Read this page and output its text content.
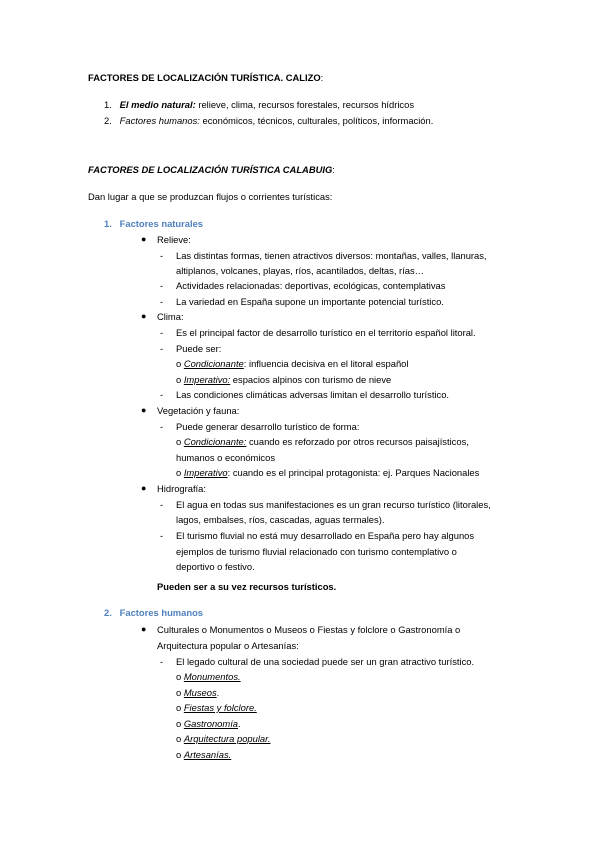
FACTORES DE LOCALIZACIÓN TURÍSTICA. CALIZO:
1. El medio natural: relieve, clima, recursos forestales, recursos hídricos
2. Factores humanos: económicos, técnicos, culturales, políticos, información.
FACTORES DE LOCALIZACIÓN TURÍSTICA CALABUIG:
Dan lugar a que se produzcan flujos o corrientes turísticas:
1. Factores naturales
● Relieve:
- Las distintas formas, tienen atractivos diversos: montañas, valles, llanuras,
altiplanos, volcanes, playas, ríos, acantilados, deltas, rías…
- Actividades relacionadas: deportivas, ecológicas, contemplativas
- La variedad en España supone un importante potencial turístico.
● Clima:
- Es el principal factor de desarrollo turístico en el territorio español litoral.
- Puede ser:
o Condicionante: influencia decisiva en el litoral español
o Imperativo: espacios alpinos con turismo de nieve
- Las condiciones climáticas adversas limitan el desarrollo turístico.
● Vegetación y fauna:
- Puede generar desarrollo turístico de forma:
o Condicionante: cuando es reforzado por otros recursos paisajísticos,
humanos o económicos
o Imperativo: cuando es el principal protagonista: ej. Parques Nacionales
● Hidrografía:
- El agua en todas sus manifestaciones es un gran recurso turístico (litorales,
lagos, embalses, ríos, cascadas, aguas termales).
- El turismo fluvial no está muy desarrollado en España pero hay algunos
ejemplos de turismo fluvial relacionado con turismo contemplativo o
deportivo o festivo.
Pueden ser a su vez recursos turísticos.
2. Factores humanos
● Culturales o Monumentos o Museos o Fiestas y folclore o Gastronomía o
Arquitectura popular o Artesanías:
- El legado cultural de una sociedad puede ser un gran atractivo turístico.
o Monumentos.
o Museos.
o Fiestas y folclore.
o Gastronomía.
o Arquitectura popular.
o Artesanías.
